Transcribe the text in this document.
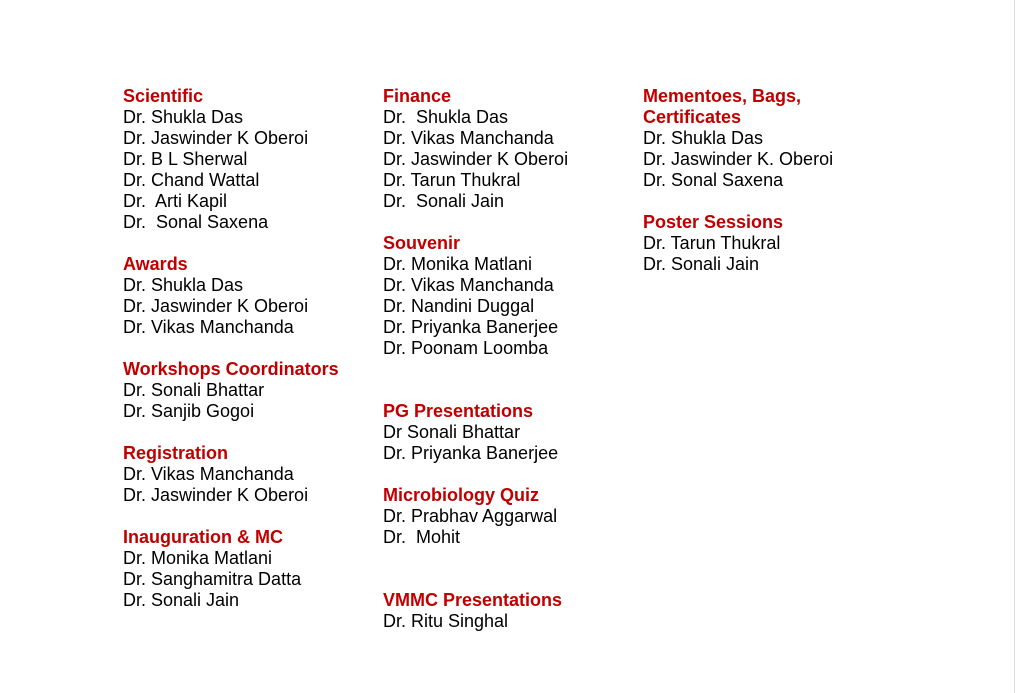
Scientific
Dr. Shukla Das
Dr. Jaswinder K Oberoi
Dr. B L Sherwal
Dr. Chand Wattal
Dr.  Arti Kapil
Dr.  Sonal Saxena
Awards
Dr. Shukla Das
Dr. Jaswinder K Oberoi
Dr. Vikas Manchanda
Workshops Coordinators
Dr. Sonali Bhattar
Dr. Sanjib Gogoi
Registration
Dr. Vikas Manchanda
Dr. Jaswinder K Oberoi
Inauguration & MC
Dr. Monika Matlani
Dr. Sanghamitra Datta
Dr. Sonali Jain
Finance
Dr.  Shukla Das
Dr. Vikas Manchanda
Dr. Jaswinder K Oberoi
Dr. Tarun Thukral
Dr.  Sonali Jain
Souvenir
Dr. Monika Matlani
Dr. Vikas Manchanda
Dr. Nandini Duggal
Dr. Priyanka Banerjee
Dr. Poonam Loomba
PG Presentations
Dr Sonali Bhattar
Dr. Priyanka Banerjee
Microbiology Quiz
Dr. Prabhav Aggarwal
Dr.  Mohit
VMMC Presentations
Dr. Ritu Singhal
Mementoes, Bags,
Certificates
Dr. Shukla Das
Dr. Jaswinder K. Oberoi
Dr. Sonal Saxena
Poster Sessions
Dr. Tarun Thukral
Dr. Sonali Jain
